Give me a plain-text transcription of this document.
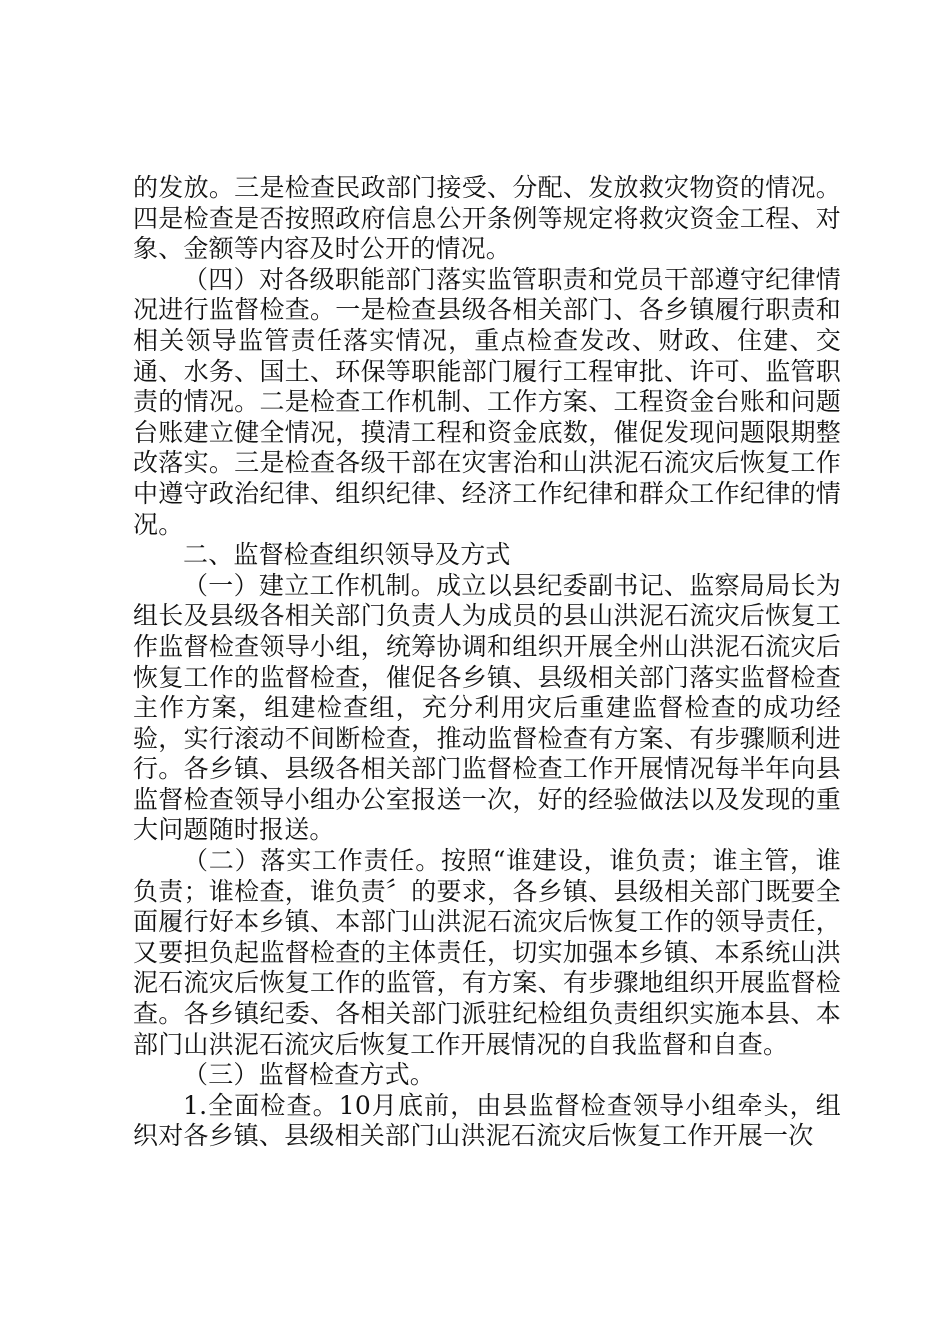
的发放。三是检查民政部门接受、分配、发放救灾物资的情况。四是检查是否按照政府信息公开条例等规定将救灾资金工程、对象、金额等内容及时公开的情况。

（四）对各级职能部门落实监管职责和党员干部遵守纪律情况进行监督检查。一是检查县级各相关部门、各乡镇履行职责和相关领导监管责任落实情况，重点检查发改、财政、住建、交通、水务、国土、环保等职能部门履行工程审批、许可、监管职责的情况。二是检查工作机制、工作方案、工程资金台账和问题台账建立健全情况，摸清工程和资金底数，催促发现问题限期整改落实。三是检查各级干部在灾害治和山洪泥石流灾后恢复工作中遵守政治纪律、组织纪律、经济工作纪律和群众工作纪律的情况。

二、监督检查组织领导及方式

（一）建立工作机制。成立以县纪委副书记、监察局局长为组长及县级各相关部门负责人为成员的县山洪泥石流灾后恢复工作监督检查领导小组，统筹协调和组织开展全州山洪泥石流灾后恢复工作的监督检查，催促各乡镇、县级相关部门落实监督检查主作方案，组建检查组，充分利用灾后重建监督检查的成功经验，实行滚动不间断检查，推动监督检查有方案、有步骤顺利进行。各乡镇、县级各相关部门监督检查工作开展情况每半年向县监督检查领导小组办公室报送一次，好的经验做法以及发现的重大问题随时报送。

（二）落实工作责任。按照“谁建设，谁负责；谁主管，谁负责；谁检查，谁负责〞的要求，各乡镇、县级相关部门既要全面履行好本乡镇、本部门山洪泥石流灾后恢复工作的领导责任，又要担负起监督检查的主体责任，切实加强本乡镇、本系统山洪泥石流灾后恢复工作的监管，有方案、有步骤地组织开展监督检查。各乡镇纪委、各相关部门派驻纪检组负责组织实施本县、本部门山洪泥石流灾后恢复工作开展情况的自我监督和自查。

（三）监督检查方式。

1.全面检查。10月底前，由县监督检查领导小组牵头，组织对各乡镇、县级相关部门山洪泥石流灾后恢复工作开展一次
